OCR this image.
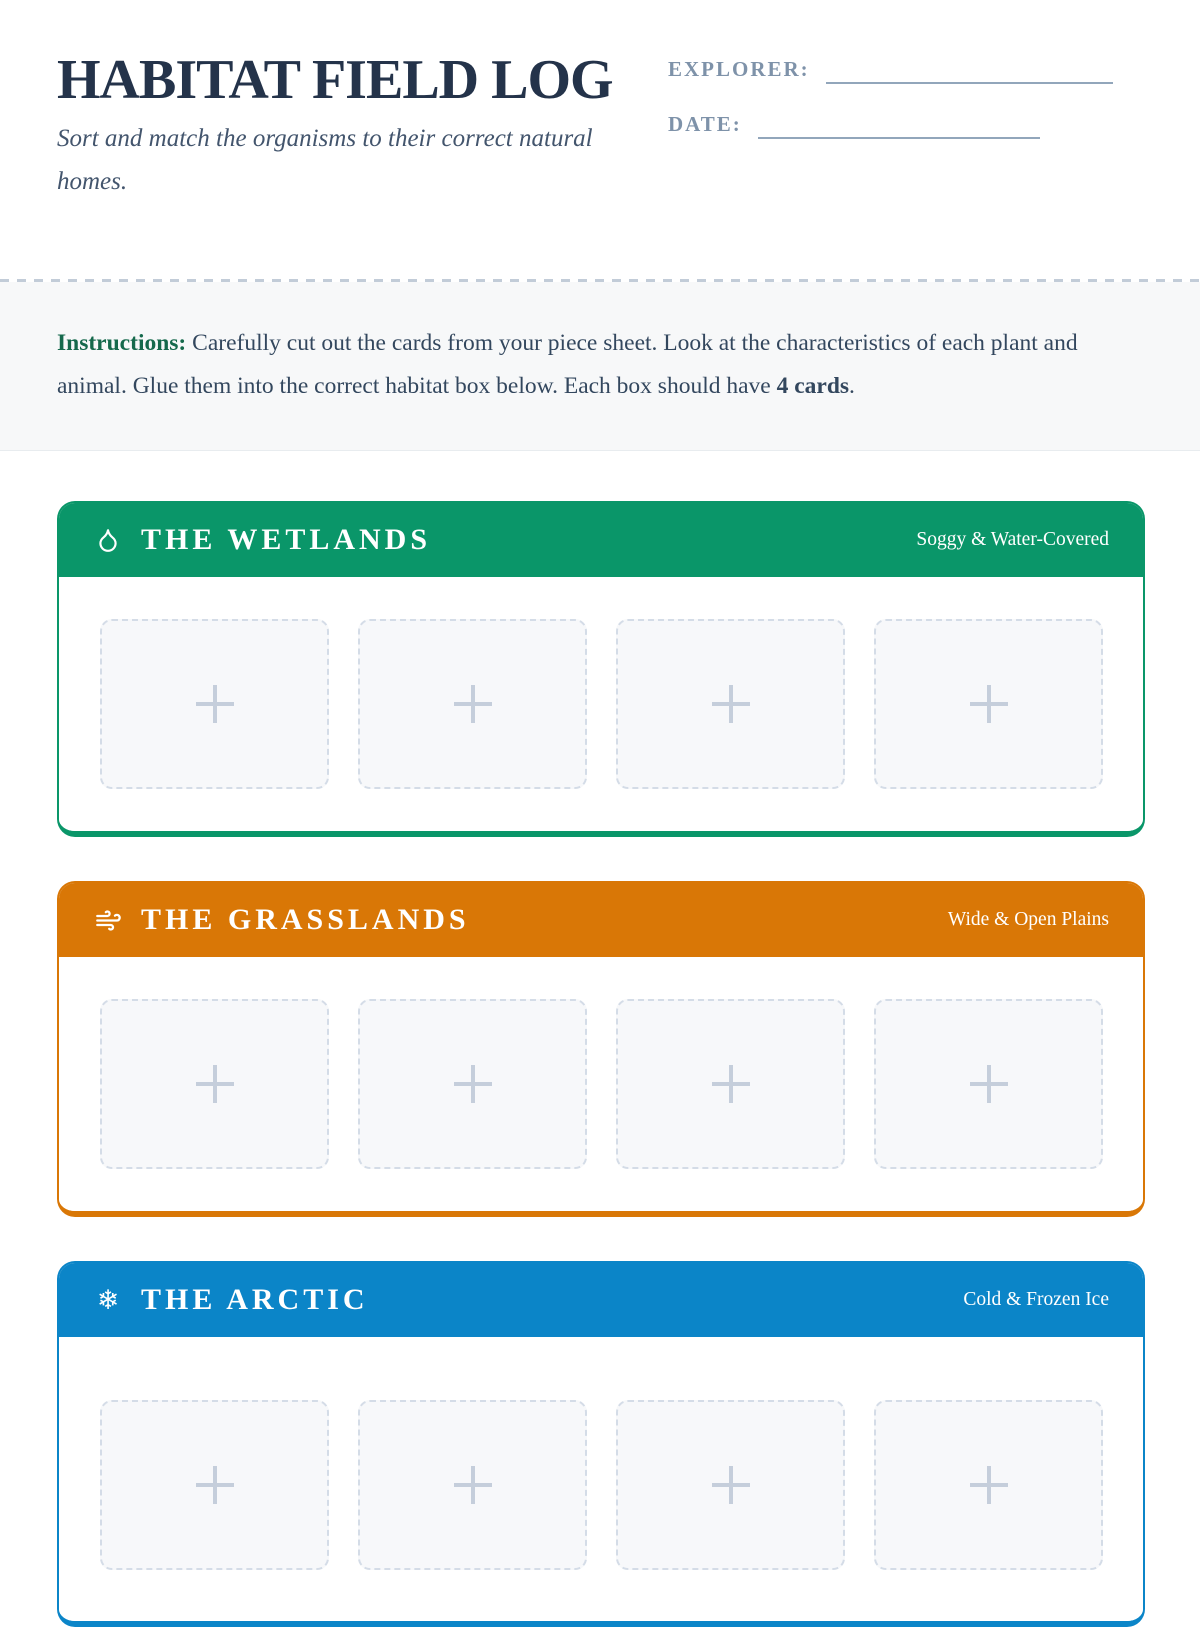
HABITAT FIELD LOG

Sort and match the organisms to their correct natural homes.

EXPLORER:
DATE:

Instructions: Carefully cut out the cards from your piece sheet. Look at the characteristics of each plant and animal. Glue them into the correct habitat box below. Each box should have 4 cards.

THE WETLANDS	Soggy & Water-Covered
THE GRASSLANDS	Wide & Open Plains
❄ THE ARCTIC	Cold & Frozen Ice
